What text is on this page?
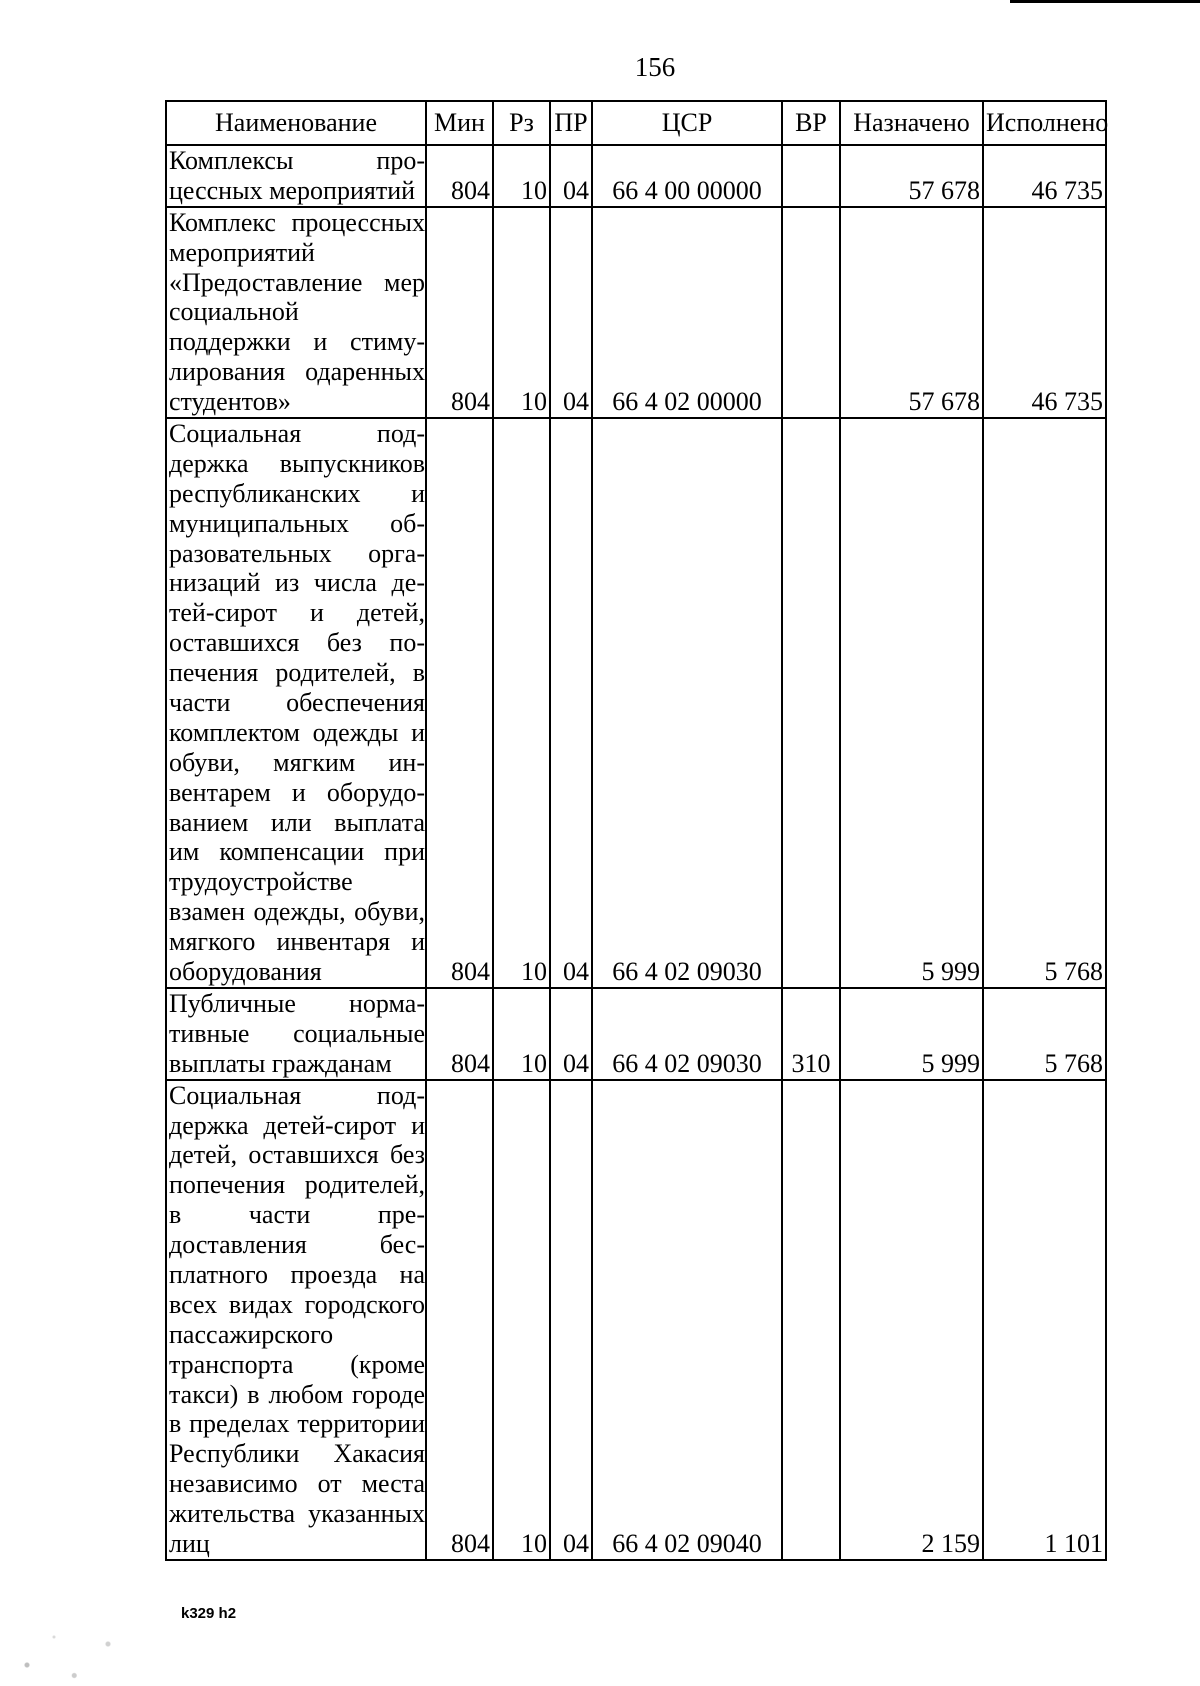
156
Наименование	Мин	Рз	ПР	ЦСР	ВР	Назначено	Исполнено
Комплексы процессных мероприятий	804	10	04	66 4 00 00000		57 678	46 735
Комплекс процессных мероприятий «Предоставление мер социальной поддержки и стимулирования одаренных студентов»	804	10	04	66 4 02 00000		57 678	46 735
Социальная поддержка выпускников республиканских и муниципальных образовательных организаций из числа детей-сирот и детей, оставшихся без попечения родителей, в части обеспечения комплектом одежды и обуви, мягким инвентарем и оборудованием или выплата им компенсации при трудоустройстве взамен одежды, обуви, мягкого инвентаря и оборудования	804	10	04	66 4 02 09030		5 999	5 768
Публичные нормативные социальные выплаты гражданам	804	10	04	66 4 02 09030	310	5 999	5 768
Социальная поддержка детей-сирот и детей, оставшихся без попечения родителей, в части предоставления бесплатного проезда на всех видах городского пассажирского транспорта (кроме такси) в любом городе в пределах территории Республики Хакасия независимо от места жительства указанных лиц	804	10	04	66 4 02 09040		2 159	1 101
k329 h2
